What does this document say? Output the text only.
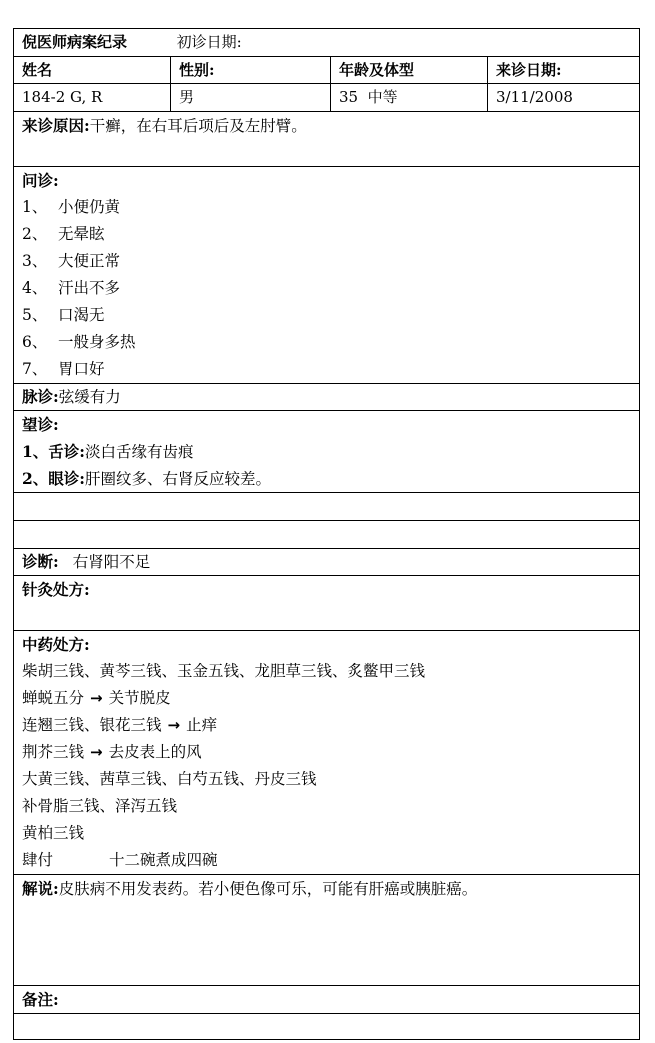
倪医师病案纪录	初诊日期:
姓名	性别:	年龄及体型	来诊日期:
184-2 G, R	男	35  中等	3/11/2008
来诊原因:干癣，在右耳后项后及左肘臂。
问诊:
1、 小便仍黄
2、 无晕眩
3、 大便正常
4、 汗出不多
5、 口渴无
6、 一般身多热
7、 胃口好
脉诊:弦缓有力
望诊:
1、舌诊:淡白舌缘有齿痕
2、眼诊:肝圈纹多、右肾反应较差。
诊断: 右肾阳不足
针灸处方:
中药处方:
柴胡三钱、黄芩三钱、玉金五钱、龙胆草三钱、炙鳖甲三钱
蝉蜕五分 → 关节脱皮
连翘三钱、银花三钱 → 止痒
荆芥三钱 → 去皮表上的风
大黄三钱、茜草三钱、白芍五钱、丹皮三钱
补骨脂三钱、泽泻五钱
黄柏三钱
肆付	十二碗煮成四碗
解说:皮肤病不用发表药。若小便色像可乐，可能有肝癌或胰脏癌。
备注:
